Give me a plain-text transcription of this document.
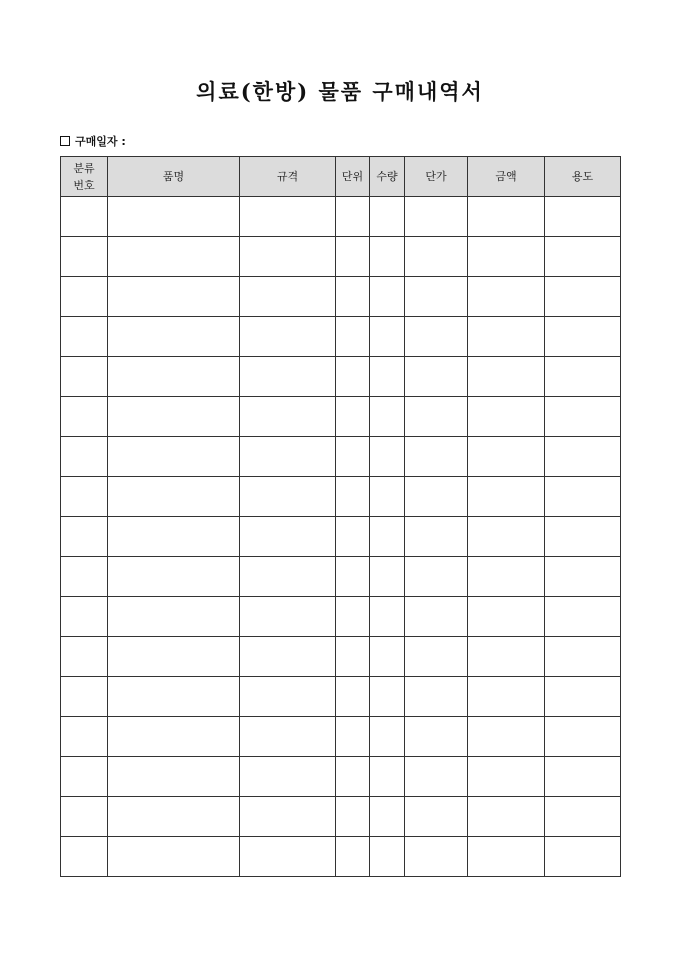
의료(한방) 물품 구매내역서
구매일자 :
분류
번호	품명	규격	단위	수량	단가	금액	용도
